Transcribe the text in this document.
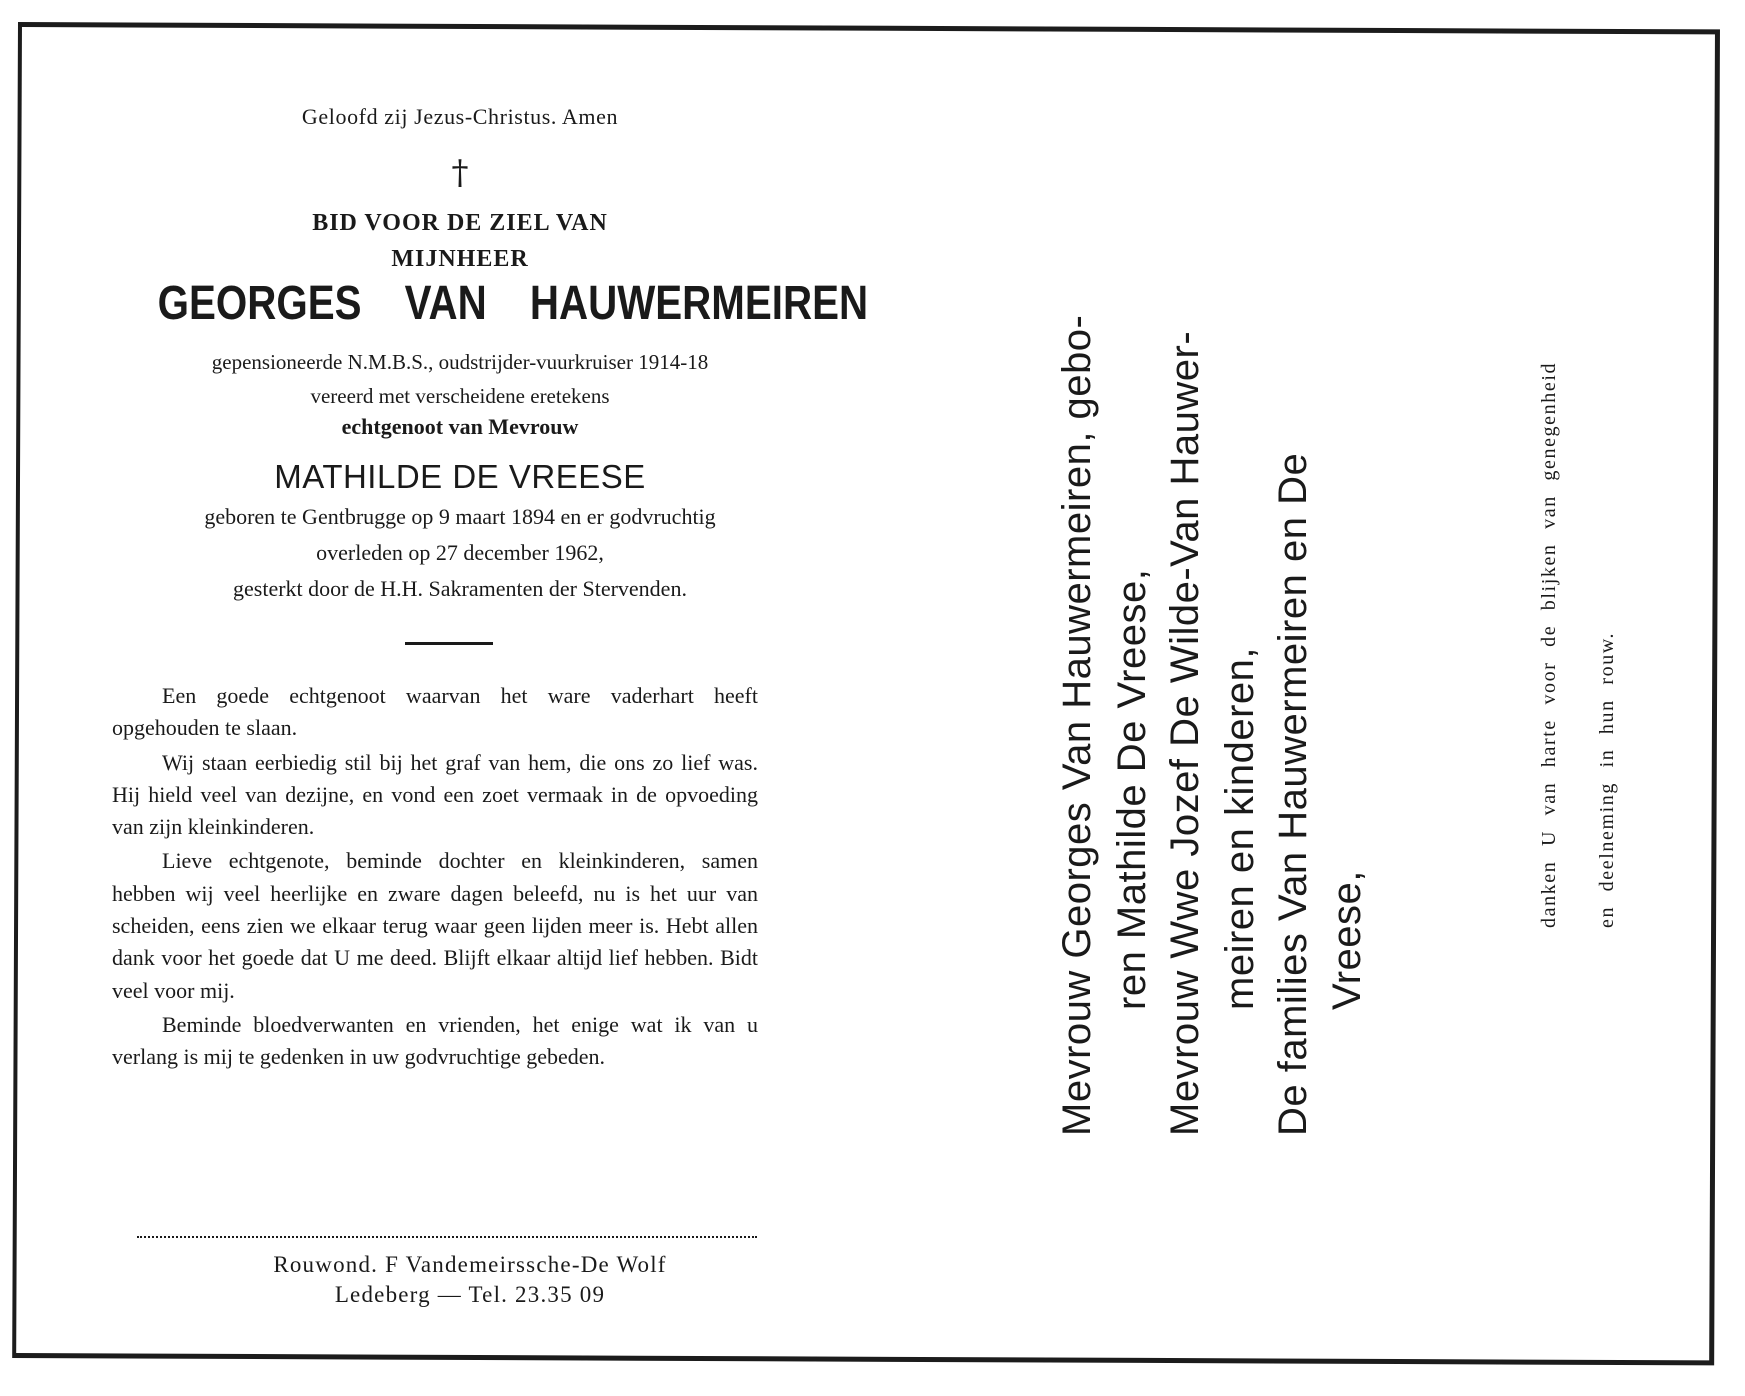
Geloofd zij Jezus-Christus. Amen
†
BID VOOR DE ZIEL VAN
MIJNHEER
GEORGES VAN HAUWERMEIREN
gepensioneerde N.M.B.S., oudstrijder-vuurkruiser 1914-18
vereerd met verscheidene eretekens
echtgenoot van Mevrouw
MATHILDE DE VREESE
geboren te Gentbrugge op 9 maart 1894 en er godvruchtig
overleden op 27 december 1962,
gesterkt door de H.H. Sakramenten der Stervenden.

Een goede echtgenoot waarvan het ware vaderhart heeft opgehouden te slaan.

Wij staan eerbiedig stil bij het graf van hem, die ons zo lief was. Hij hield veel van dezijne, en vond een zoet vermaak in de opvoeding van zijn kleinkinderen.

Lieve echtgenote, beminde dochter en kleinkinderen, samen hebben wij veel heerlijke en zware dagen beleefd, nu is het uur van scheiden, eens zien we elkaar terug waar geen lijden meer is. Hebt allen dank voor het goede dat U me deed. Blijft elkaar altijd lief hebben. Bidt veel voor mij.

Beminde bloedverwanten en vrienden, het enige wat ik van u verlang is mij te gedenken in uw godvruchtige gebeden.

Rouwond. F Vandemeirssche-De Wolf
Ledeberg — Tel. 23.35 09
Mevrouw Georges Van Hauwermeiren, gebo- ren Mathilde De Vreese, Mevrouw Wwe Jozef De Wilde-Van Hauwer- meiren en kinderen, De families Van Hauwermeiren en De Vreese,
danken U van harte voor de blijken van genegenheid en deelneming in hun rouw.
